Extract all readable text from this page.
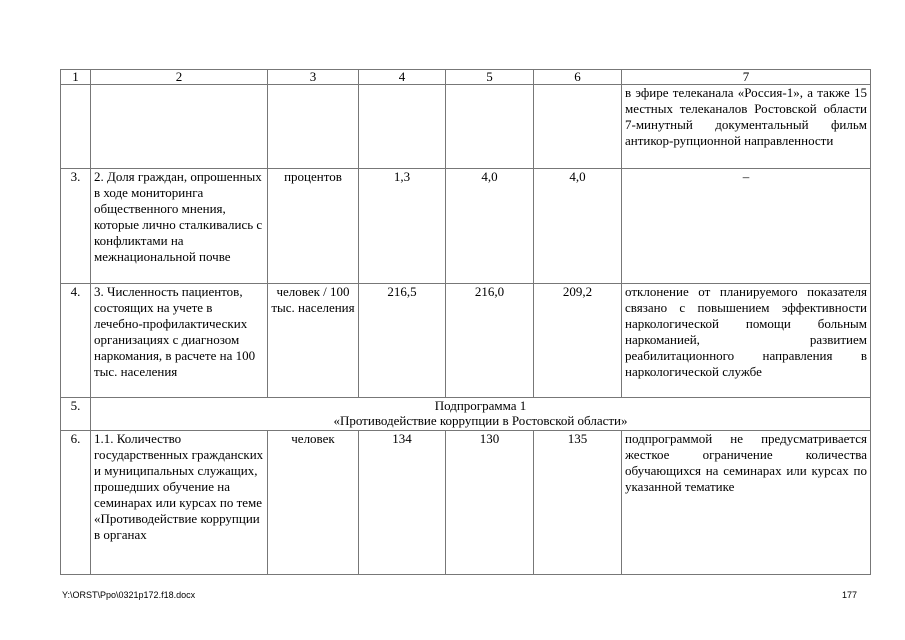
1	2	3	4	5	6	7
						в эфире телеканала «Россия-1», а также 15 местных телеканалов Ростовской области 7-минутный документальный фильм антикор-рупционной направленности
3.	2. Доля граждан, опрошенных в ходе мониторинга общественного мнения, которые лично сталкивались с конфликтами на межнациональной почве	процентов	1,3	4,0	4,0	–
4.	3. Численность пациентов, состоящих на учете в лечебно-профилактических организациях с диагнозом наркомания, в расчете на 100 тыс. населения	человек / 100 тыс. населения	216,5	216,0	209,2	отклонение от планируемого показателя связано с повышением эффективности наркологической помощи больным наркоманией, развитием реабилитационного направления в наркологической службе
5.	Подпрограмма 1
«Противодействие коррупции в Ростовской области»					

6.	1.1. Количество государственных гражданских и муниципальных служащих, прошедших обучение на семинарах или курсах по теме «Противодействие коррупции в органах	человек	134	130	135	подпрограммой не предусматривается жесткое ограничение количества обучающихся на семинарах или курсах по указанной тематике
Y:\ORST\Ppo\0321p172.f18.docx	177
